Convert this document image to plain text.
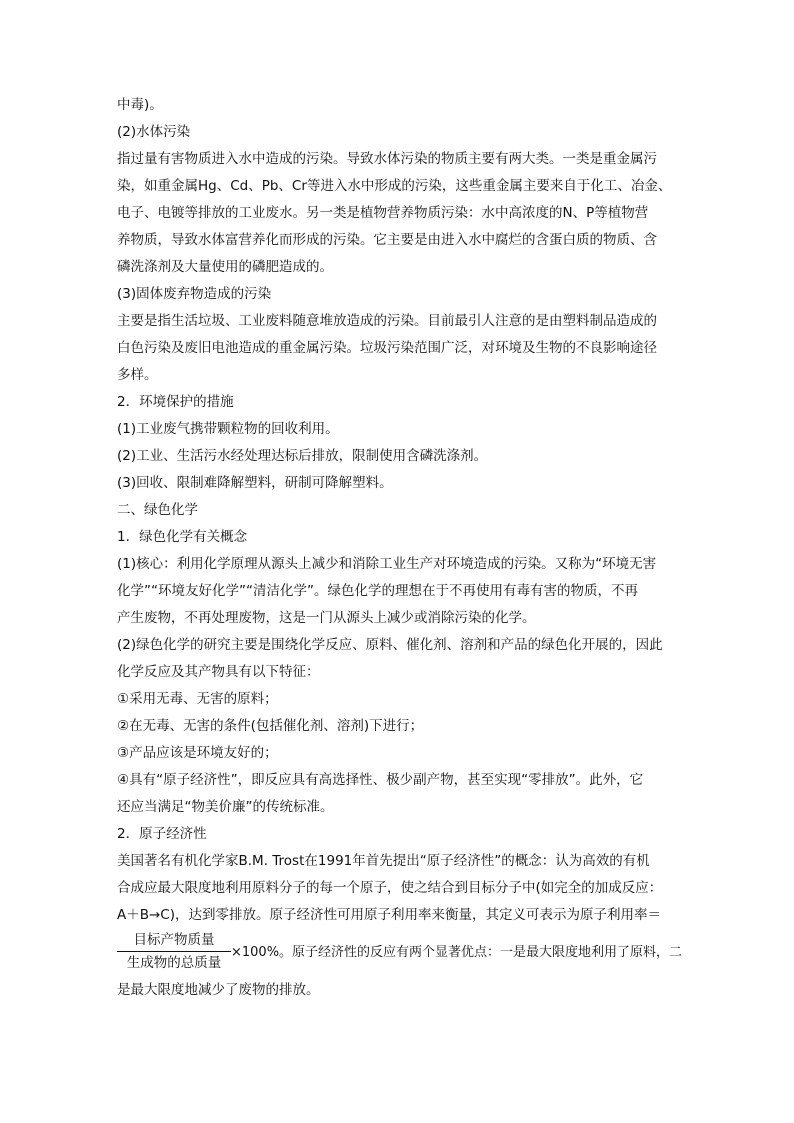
中毒)。
(2)水体污染
指过量有害物质进入水中造成的污染。导致水体污染的物质主要有两大类。一类是重金属污
染，如重金属Hg、Cd、Pb、Cr等进入水中形成的污染，这些重金属主要来自于化工、冶金、
电子、电镀等排放的工业废水。另一类是植物营养物质污染：水中高浓度的N、P等植物营
养物质，导致水体富营养化而形成的污染。它主要是由进入水中腐烂的含蛋白质的物质、含
磷洗涤剂及大量使用的磷肥造成的。
(3)固体废弃物造成的污染
主要是指生活垃圾、工业废料随意堆放造成的污染。目前最引人注意的是由塑料制品造成的
白色污染及废旧电池造成的重金属污染。垃圾污染范围广泛，对环境及生物的不良影响途径
多样。
2．环境保护的措施
(1)工业废气携带颗粒物的回收利用。
(2)工业、生活污水经处理达标后排放，限制使用含磷洗涤剂。
(3)回收、限制难降解塑料，研制可降解塑料。
二、绿色化学
1．绿色化学有关概念
(1)核心：利用化学原理从源头上减少和消除工业生产对环境造成的污染。又称为“环境无害
化学”“环境友好化学”“清洁化学”。绿色化学的理想在于不再使用有毒有害的物质，不再
产生废物，不再处理废物，这是一门从源头上减少或消除污染的化学。
(2)绿色化学的研究主要是围绕化学反应、原料、催化剂、溶剂和产品的绿色化开展的，因此
化学反应及其产物具有以下特征：
①采用无毒、无害的原料；
②在无毒、无害的条件(包括催化剂、溶剂)下进行；
③产品应该是环境友好的；
④具有“原子经济性”，即反应具有高选择性、极少副产物，甚至实现“零排放”。此外，它
还应当满足“物美价廉”的传统标准。
2．原子经济性
美国著名有机化学家B.M. Trost在1991年首先提出“原子经济性”的概念：认为高效的有机
合成应最大限度地利用原料分子的每一个原子，使之结合到目标分子中(如完全的加成反应：
A＋B→C)，达到零排放。原子经济性可用原子利用率来衡量，其定义可表示为原子利用率＝
目标产物质量
生成物的总质量
×100%。原子经济性的反应有两个显著优点：一是最大限度地利用了原料，二
是最大限度地减少了废物的排放。
